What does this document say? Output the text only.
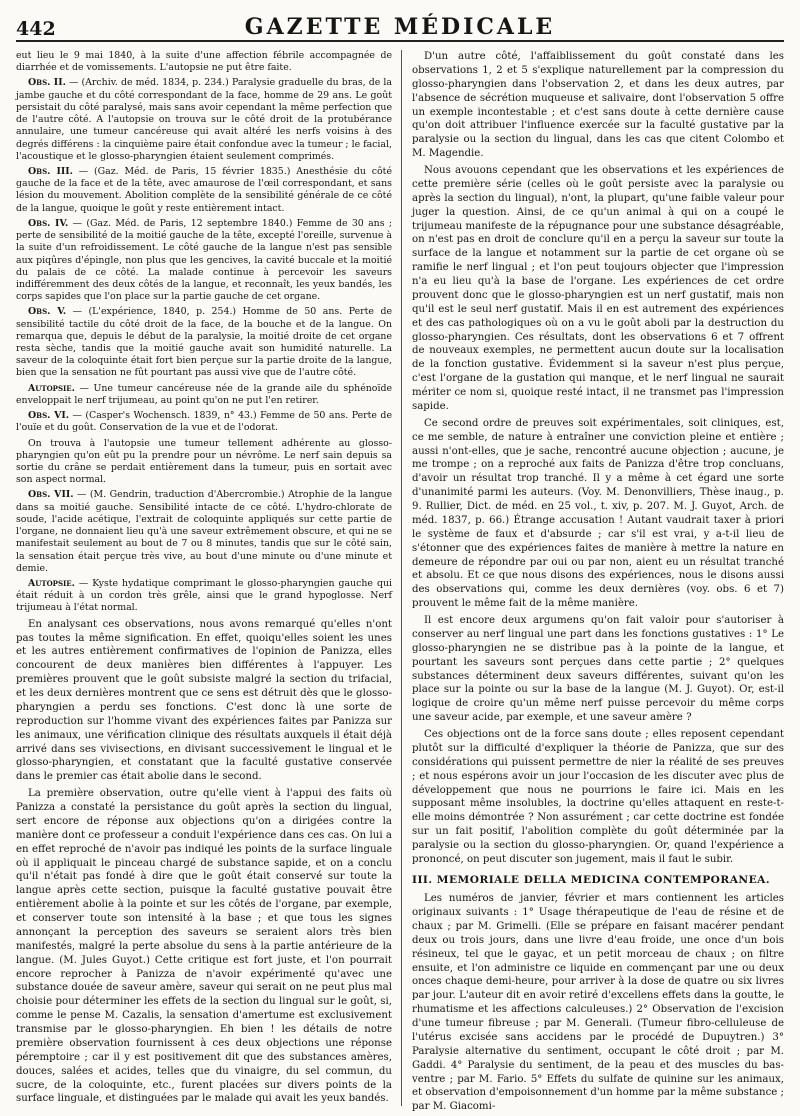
442	GAZETTE MÉDICALE

eut lieu le 9 mai 1840, à la suite d'une affection fébrile accompagnée de diarrhée et de vomissements. L'autopsie ne put être faite.

Obs. II. — (Archiv. de méd. 1834, p. 234.) Paralysie graduelle du bras, de la jambe gauche et du côté correspondant de la face, homme de 29 ans. Le goût persistait du côté paralysé, mais sans avoir cependant la même perfection que de l'autre côté. A l'autopsie on trouva sur le côté droit de la protubérance annulaire, une tumeur cancéreuse qui avait altéré les nerfs voisins à des degrés différens : la cinquième paire était confondue avec la tumeur ; le facial, l'acoustique et le glosso-pharyngien étaient seulement comprimés.

Obs. III. — (Gaz. Méd. de Paris, 15 février 1835.) Anesthésie du côté gauche de la face et de la tête, avec amaurose de l'œil correspondant, et sans lésion du mouvement. Abolition complète de la sensibilité générale de ce côté de la langue, quoique le goût y reste entièrement intact.

Obs. IV. — (Gaz. Méd. de Paris, 12 septembre 1840.) Femme de 30 ans ; perte de sensibilité de la moitié gauche de la tête, excepté l'oreille, survenue à la suite d'un refroidissement. Le côté gauche de la langue n'est pas sensible aux piqûres d'épingle, non plus que les gencives, la cavité buccale et la moitié du palais de ce côté. La malade continue à percevoir les saveurs indifféremment des deux côtés de la langue, et reconnaît, les yeux bandés, les corps sapides que l'on place sur la partie gauche de cet organe.

Obs. V. — (L'expérience, 1840, p. 254.) Homme de 50 ans. Perte de sensibilité tactile du côté droit de la face, de la bouche et de la langue. On remarqua que, depuis le début de la paralysie, la moitié droite de cet organe resta sèche, tandis que la moitié gauche avait son humidité naturelle. La saveur de la coloquinte était fort bien perçue sur la partie droite de la langue, bien que la sensation ne fût pourtant pas aussi vive que de l'autre côté.

Autopsie. — Une tumeur cancéreuse née de la grande aile du sphénoïde enveloppait le nerf trijumeau, au point qu'on ne put l'en retirer.

Obs. VI. — (Casper's Wochensch. 1839, n° 43.) Femme de 50 ans. Perte de l'ouïe et du goût. Conservation de la vue et de l'odorat.

On trouva à l'autopsie une tumeur tellement adhérente au glosso-pharyngien qu'on eût pu la prendre pour un névrôme. Le nerf sain depuis sa sortie du crâne se perdait entièrement dans la tumeur, puis en sortait avec son aspect normal.

Obs. VII. — (M. Gendrin, traduction d'Abercrombie.) Atrophie de la langue dans sa moitié gauche. Sensibilité intacte de ce côté. L'hydro-chlorate de soude, l'acide acétique, l'extrait de coloquinte appliqués sur cette partie de l'organe, ne donnaient lieu qu'à une saveur extrêmement obscure, et qui ne se manifestait seulement au bout de 7 ou 8 minutes, tandis que sur le côté sain, la sensation était perçue très vive, au bout d'une minute ou d'une minute et demie.

Autopsie. — Kyste hydatique comprimant le glosso-pharyngien gauche qui était réduit à un cordon très grêle, ainsi que le grand hypoglosse. Nerf trijumeau à l'état normal.

En analysant ces observations, nous avons remarqué qu'elles n'ont pas toutes la même signification. En effet, quoiqu'elles soient les unes et les autres entièrement confirmatives de l'opinion de Panizza, elles concourent de deux manières bien différentes à l'appuyer. Les premières prouvent que le goût subsiste malgré la section du trifacial, et les deux dernières montrent que ce sens est détruit dès que le glosso-pharyngien a perdu ses fonctions. C'est donc là une sorte de reproduction sur l'homme vivant des expériences faites par Panizza sur les animaux, une vérification clinique des résultats auxquels il était déjà arrivé dans ses vivisections, en divisant successivement le lingual et le glosso-pharyngien, et constatant que la faculté gustative conservée dans le premier cas était abolie dans le second.

La première observation, outre qu'elle vient à l'appui des faits où Panizza a constaté la persistance du goût après la section du lingual, sert encore de réponse aux objections qu'on a dirigées contre la manière dont ce professeur a conduit l'expérience dans ces cas. On lui a en effet reproché de n'avoir pas indiqué les points de la surface linguale où il appliquait le pinceau chargé de substance sapide, et on a conclu qu'il n'était pas fondé à dire que le goût était conservé sur toute la langue après cette section, puisque la faculté gustative pouvait être entièrement abolie à la pointe et sur les côtés de l'organe, par exemple, et conserver toute son intensité à la base ; et que tous les signes annonçant la perception des saveurs se seraient alors très bien manifestés, malgré la perte absolue du sens à la partie antérieure de la langue. (M. Jules Guyot.) Cette critique est fort juste, et l'on pourrait encore reprocher à Panizza de n'avoir expérimenté qu'avec une substance douée de saveur amère, saveur qui serait on ne peut plus mal choisie pour déterminer les effets de la section du lingual sur le goût, si, comme le pense M. Cazalis, la sensation d'amertume est exclusivement transmise par le glosso-pharyngien. Eh bien ! les détails de notre première observation fournissent à ces deux objections une réponse péremptoire ; car il y est positivement dit que des substances amères, douces, salées et acides, telles que du vinaigre, du sel commun, du sucre, de la coloquinte, etc., furent placées sur divers points de la surface linguale, et distinguées par le malade qui avait les yeux bandés.

D'un autre côté, l'affaiblissement du goût constaté dans les observations 1, 2 et 5 s'explique naturellement par la compression du glosso-pharyngien dans l'observation 2, et dans les deux autres, par l'absence de sécrétion muqueuse et salivaire, dont l'observation 5 offre un exemple incontestable ; et c'est sans doute à cette dernière cause qu'on doit attribuer l'influence exercée sur la faculté gustative par la paralysie ou la section du lingual, dans les cas que citent Colombo et M. Magendie.

Nous avouons cependant que les observations et les expériences de cette première série (celles où le goût persiste avec la paralysie ou après la section du lingual), n'ont, la plupart, qu'une faible valeur pour juger la question. Ainsi, de ce qu'un animal à qui on a coupé le trijumeau manifeste de la répugnance pour une substance désagréable, on n'est pas en droit de conclure qu'il en a perçu la saveur sur toute la surface de la langue et notamment sur la partie de cet organe où se ramifie le nerf lingual ; et l'on peut toujours objecter que l'impression n'a eu lieu qu'à la base de l'organe. Les expériences de cet ordre prouvent donc que le glosso-pharyngien est un nerf gustatif, mais non qu'il est le seul nerf gustatif. Mais il en est autrement des expériences et des cas pathologiques où on a vu le goût aboli par la destruction du glosso-pharyngien. Ces résultats, dont les observations 6 et 7 offrent de nouveaux exemples, ne permettent aucun doute sur la localisation de la fonction gustative. Évidemment si la saveur n'est plus perçue, c'est l'organe de la gustation qui manque, et le nerf lingual ne saurait mériter ce nom si, quoique resté intact, il ne transmet pas l'impression sapide.

Ce second ordre de preuves soit expérimentales, soit cliniques, est, ce me semble, de nature à entraîner une conviction pleine et entière ; aussi n'ont-elles, que je sache, rencontré aucune objection ; aucune, je me trompe ; on a reproché aux faits de Panizza d'être trop concluans, d'avoir un résultat trop tranché. Il y a même à cet égard une sorte d'unanimité parmi les auteurs. (Voy. M. Denonvilliers, Thèse inaug., p. 9. Rullier, Dict. de méd. en 25 vol., t. xiv, p. 207. M. J. Guyot, Arch. de méd. 1837, p. 66.) Étrange accusation ! Autant vaudrait taxer à priori le système de faux et d'absurde ; car s'il est vrai, y a-t-il lieu de s'étonner que des expériences faites de manière à mettre la nature en demeure de répondre par oui ou par non, aient eu un résultat tranché et absolu. Et ce que nous disons des expériences, nous le disons aussi des observations qui, comme les deux dernières (voy. obs. 6 et 7) prouvent le même fait de la même manière.

Il est encore deux argumens qu'on fait valoir pour s'autoriser à conserver au nerf lingual une part dans les fonctions gustatives : 1° Le glosso-pharyngien ne se distribue pas à la pointe de la langue, et pourtant les saveurs sont perçues dans cette partie ; 2° quelques substances déterminent deux saveurs différentes, suivant qu'on les place sur la pointe ou sur la base de la langue (M. J. Guyot). Or, est-il logique de croire qu'un même nerf puisse percevoir du même corps une saveur acide, par exemple, et une saveur amère ?

Ces objections ont de la force sans doute ; elles reposent cependant plutôt sur la difficulté d'expliquer la théorie de Panizza, que sur des considérations qui puissent permettre de nier la réalité de ses preuves ; et nous espérons avoir un jour l'occasion de les discuter avec plus de développement que nous ne pourrions le faire ici. Mais en les supposant même insolubles, la doctrine qu'elles attaquent en reste-t-elle moins démontrée ? Non assurément ; car cette doctrine est fondée sur un fait positif, l'abolition complète du goût déterminée par la paralysie ou la section du glosso-pharyngien. Or, quand l'expérience a prononcé, on peut discuter son jugement, mais il faut le subir.

III. MEMORIALE DELLA MEDICINA CONTEMPORANEA.

Les numéros de janvier, février et mars contiennent les articles originaux suivants : 1° Usage thérapeutique de l'eau de résine et de chaux ; par M. Grimelli. (Elle se prépare en faisant macérer pendant deux ou trois jours, dans une livre d'eau froide, une once d'un bois résineux, tel que le gayac, et un petit morceau de chaux ; on filtre ensuite, et l'on administre ce liquide en commençant par une ou deux onces chaque demi-heure, pour arriver à la dose de quatre ou six livres par jour. L'auteur dit en avoir retiré d'excellens effets dans la goutte, le rhumatisme et les affections calculeuses.) 2° Observation de l'excision d'une tumeur fibreuse ; par M. Generali. (Tumeur fibro-celluleuse de l'utérus excisée sans accidens par le procédé de Dupuytren.) 3° Paralysie alternative du sentiment, occupant le côté droit ; par M. Gaddi. 4° Paralysie du sentiment, de la peau et des muscles du bas-ventre ; par M. Fario. 5° Effets du sulfate de quinine sur les animaux, et observation d'empoisonnement d'un homme par la même substance ; par M. Giacomi-
